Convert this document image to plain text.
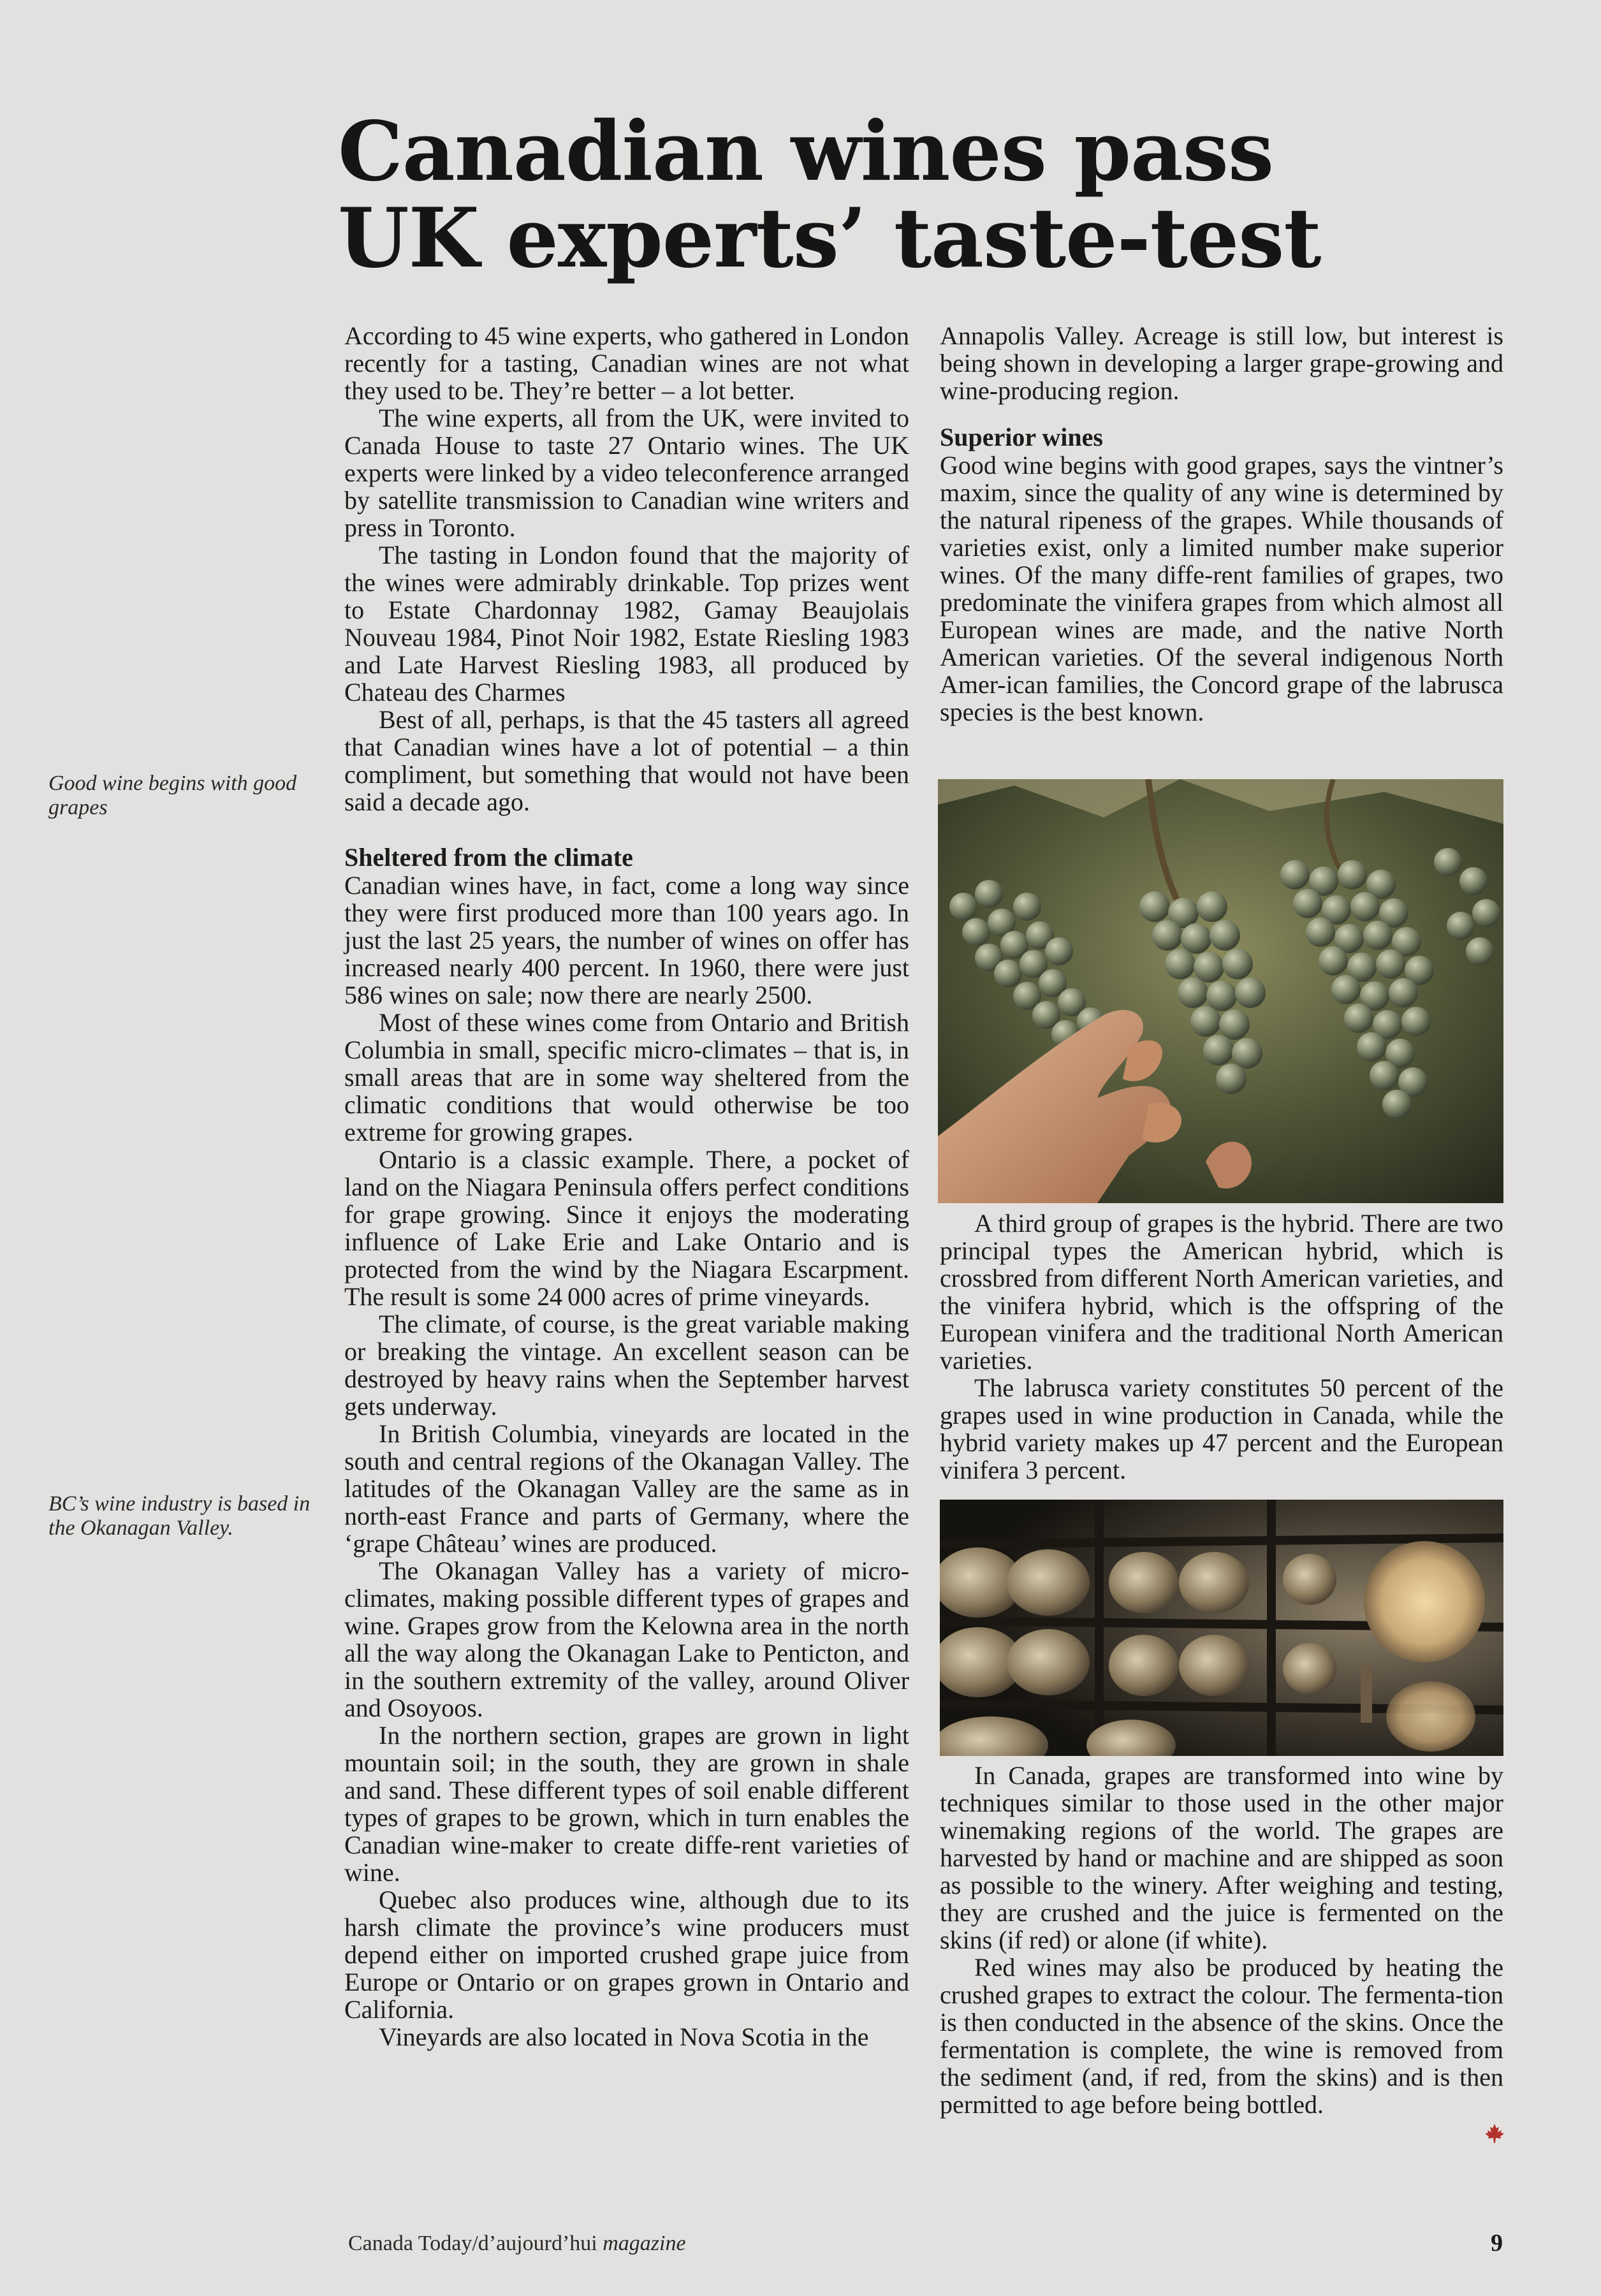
Canadian wines pass
UK experts’ taste-test
Good wine begins with good grapes
BC’s wine industry is based in the Okanagan Valley.

According to 45 wine experts, who gathered in London recently for a tasting, Canadian wines are not what they used to be. They’re better – a lot better.

The wine experts, all from the UK, were invited to Canada House to taste 27 Ontario wines. The UK experts were linked by a video teleconference arranged by satellite transmission to Canadian wine writers and press in Toronto.

The tasting in London found that the majority of the wines were admirably drinkable. Top prizes went to Estate Chardonnay 1982, Gamay Beaujolais Nouveau 1984, Pinot Noir 1982, Estate Riesling 1983 and Late Harvest Riesling 1983, all produced by Chateau des Charmes

Best of all, perhaps, is that the 45 tasters all agreed that Canadian wines have a lot of potential – a thin compliment, but something that would not have been said a decade ago.

Sheltered from the climate

Canadian wines have, in fact, come a long way since they were first produced more than 100 years ago. In just the last 25 years, the number of wines on offer has increased nearly 400 percent. In 1960, there were just 586 wines on sale; now there are nearly 2500.

Most of these wines come from Ontario and British Columbia in small, specific micro-climates – that is, in small areas that are in some way sheltered from the climatic conditions that would otherwise be too extreme for growing grapes.

Ontario is a classic example. There, a pocket of land on the Niagara Peninsula offers perfect conditions for grape growing. Since it enjoys the moderating influence of Lake Erie and Lake Ontario and is protected from the wind by the Niagara Escarpment. The result is some 24 000 acres of prime vineyards.

The climate, of course, is the great variable making or breaking the vintage. An excellent season can be destroyed by heavy rains when the September harvest gets underway.

In British Columbia, vineyards are located in the south and central regions of the Okanagan Valley. The latitudes of the Okanagan Valley are the same as in north-east France and parts of Germany, where the ‘grape Château’ wines are produced.

The Okanagan Valley has a variety of micro-climates, making possible different types of grapes and wine. Grapes grow from the Kelowna area in the north all the way along the Okanagan Lake to Penticton, and in the southern extremity of the valley, around Oliver and Osoyoos.

In the northern section, grapes are grown in light mountain soil; in the south, they are grown in shale and sand. These different types of soil enable different types of grapes to be grown, which in turn enables the Canadian wine-maker to create diffe-rent varieties of wine.

Quebec also produces wine, although due to its harsh climate the province’s wine producers must depend either on imported crushed grape juice from Europe or Ontario or on grapes grown in Ontario and California.

Vineyards are also located in Nova Scotia in the

Annapolis Valley. Acreage is still low, but interest is being shown in developing a larger grape-growing and wine-producing region.

Superior wines

Good wine begins with good grapes, says the vintner’s maxim, since the quality of any wine is determined by the natural ripeness of the grapes. While thousands of varieties exist, only a limited number make superior wines. Of the many diffe-rent families of grapes, two predominate the vinifera grapes from which almost all European wines are made, and the native North American varieties. Of the several indigenous North Amer-ican families, the Concord grape of the labrusca species is the best known.

A third group of grapes is the hybrid. There are two principal types the American hybrid, which is crossbred from different North American varieties, and the vinifera hybrid, which is the offspring of the European vinifera and the traditional North American varieties.

The labrusca variety constitutes 50 percent of the grapes used in wine production in Canada, while the hybrid variety makes up 47 percent and the European vinifera 3 percent.

In Canada, grapes are transformed into wine by techniques similar to those used in the other major winemaking regions of the world. The grapes are harvested by hand or machine and are shipped as soon as possible to the winery. After weighing and testing, they are crushed and the juice is fermented on the skins (if red) or alone (if white).

Red wines may also be produced by heating the crushed grapes to extract the colour. The fermenta-tion is then conducted in the absence of the skins. Once the fermentation is complete, the wine is removed from the sediment (and, if red, from the skins) and is then permitted to age before being bottled.

Canada Today/d’aujourd’hui magazine	9
